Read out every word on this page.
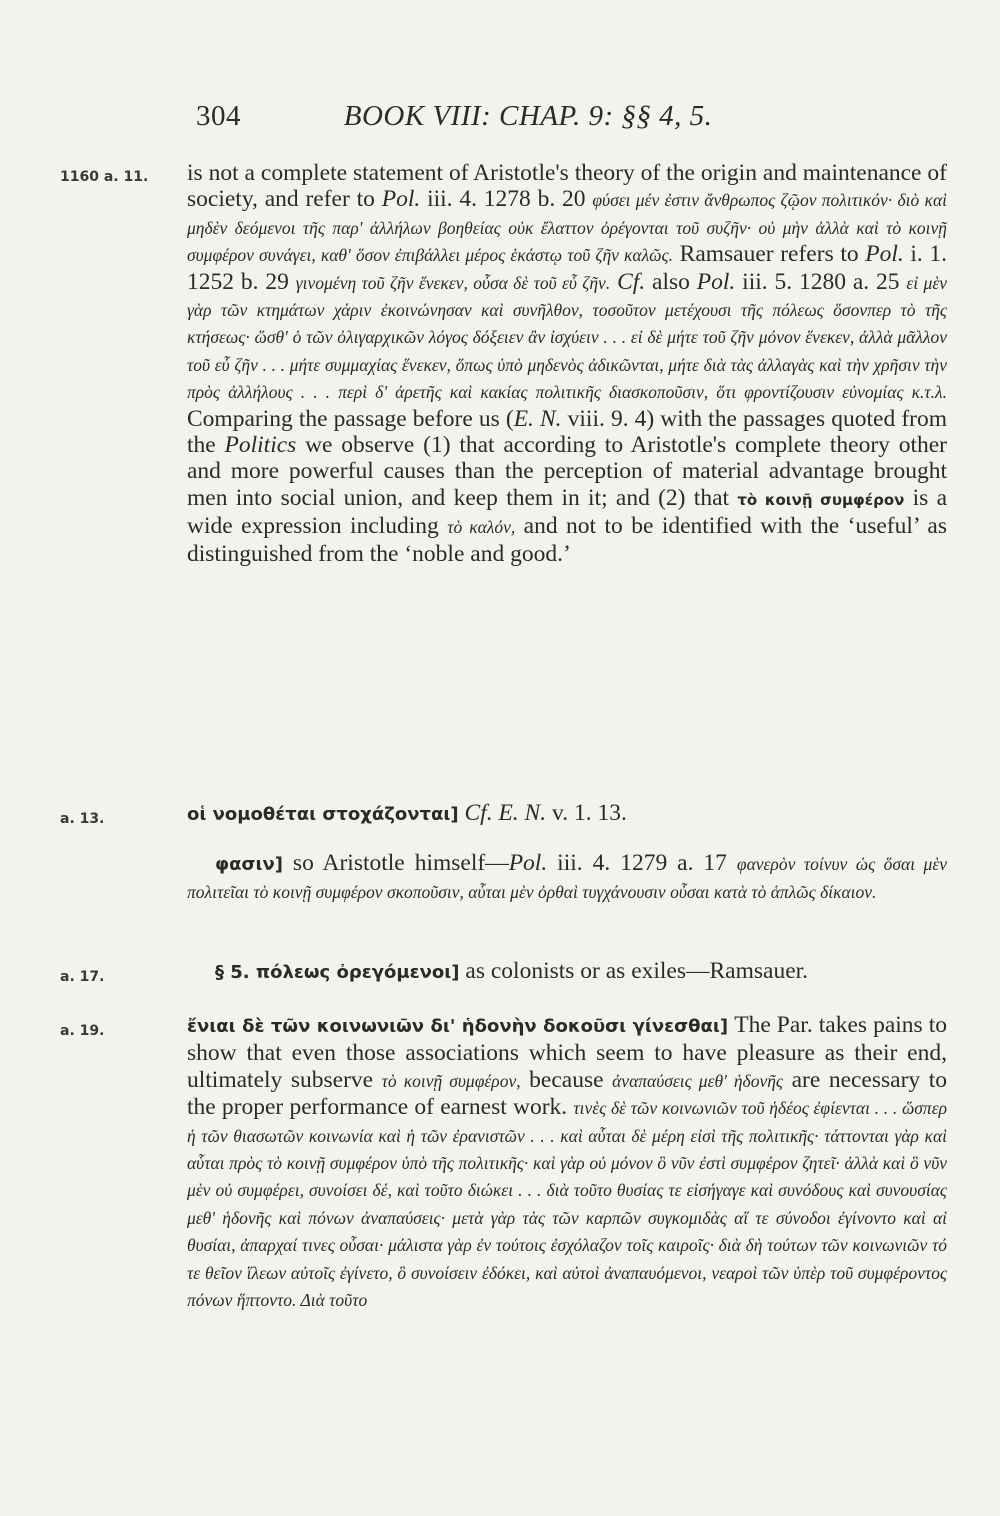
304	BOOK VIII: CHAP. 9: §§ 4, 5.
1160 a. 11. is not a complete statement of Aristotle's theory of the origin and maintenance of society, and refer to Pol. iii. 4. 1278 b. 20 φύσει μέν ἐστιν ἄνθρωπος ζῷον πολιτικόν· διὸ καὶ μηδὲν δεόμενοι τῆς παρ' ἀλλήλων βοηθείας οὐκ ἔλαττον ὀρέγονται τοῦ συζῆν· οὐ μὴν ἀλλὰ καὶ τὸ κοινῇ συμφέρον συνάγει, καθ' ὅσον ἐπιβάλλει μέρος ἑκάστῳ τοῦ ζῆν καλῶς. Ramsauer refers to Pol. i. 1. 1252 b. 29 γινομένη τοῦ ζῆν ἕνεκεν, οὖσα δὲ τοῦ εὖ ζῆν. Cf. also Pol. iii. 5. 1280 a. 25 εἰ μὲν γὰρ τῶν κτημάτων χάριν ἐκοινώνησαν καὶ συνῆλθον, τοσοῦτον μετέχουσι τῆς πόλεως ὅσονπερ τὸ τῆς κτήσεως· ὥσθ' ὁ τῶν ὀλιγαρχικῶν λόγος δόξειεν ἂν ἰσχύειν . . . εἰ δὲ μήτε τοῦ ζῆν μόνον ἕνεκεν, ἀλλὰ μᾶλλον τοῦ εὖ ζῆν . . . μήτε συμμαχίας ἕνεκεν, ὅπως ὑπὸ μηδενὸς ἀδικῶνται, μήτε διὰ τὰς ἀλλαγὰς καὶ τὴν χρῆσιν τὴν πρὸς ἀλλήλους . . . περὶ δ' ἀρετῆς καὶ κακίας πολιτικῆς διασκοποῦσιν, ὅτι φροντίζουσιν εὐνομίας κ.τ.λ. Comparing the passage before us (E. N. viii. 9. 4) with the passages quoted from the Politics we observe (1) that according to Aristotle's complete theory other and more powerful causes than the perception of material advantage brought men into social union, and keep them in it; and (2) that τὸ κοινῇ συμφέρον is a wide expression including τὸ καλόν, and not to be identified with the ‘useful’ as distinguished from the ‘noble and good.’
a. 13.	οἱ νομοθέται στοχάζονται] Cf. E. N. v. 1. 13.
φασιν] so Aristotle himself—Pol. iii. 4. 1279 a. 17 φανερὸν τοίνυν ὡς ὅσαι μὲν πολιτεῖαι τὸ κοινῇ συμφέρον σκοποῦσιν, αὗται μὲν ὀρθαὶ τυγχάνουσιν οὖσαι κατὰ τὸ ἁπλῶς δίκαιον.
a. 17.	§ 5. πόλεως ὀρεγόμενοι] as colonists or as exiles—Ramsauer.
a. 19.	ἔνιαι δὲ τῶν κοινωνιῶν δι' ἡδονὴν δοκοῦσι γίνεσθαι] The Par. takes pains to show that even those associations which seem to have pleasure as their end, ultimately subserve τὸ κοινῇ συμφέρον, because ἀναπαύσεις μεθ' ἡδονῆς are necessary to the proper performance of earnest work. τινὲς δὲ τῶν κοινωνιῶν τοῦ ἡδέος ἐφίενται . . . ὥσπερ ἡ τῶν θιασωτῶν κοινωνία καὶ ἡ τῶν ἐρανιστῶν . . . καὶ αὗται δὲ μέρη εἰσὶ τῆς πολιτικῆς· τάττονται γὰρ καὶ αὗται πρὸς τὸ κοινῇ συμφέρον ὑπὸ τῆς πολιτικῆς· καὶ γὰρ οὐ μόνον ὃ νῦν ἐστὶ συμφέρον ζητεῖ· ἀλλὰ καὶ ὃ νῦν μὲν οὐ συμφέρει, συνοίσει δέ, καὶ τοῦτο διώκει . . . διὰ τοῦτο θυσίας τε εἰσήγαγε καὶ συνόδους καὶ συνουσίας μεθ' ἡδονῆς καὶ πόνων ἀναπαύσεις· μετὰ γὰρ τὰς τῶν καρπῶν συγκομιδὰς αἵ τε σύνοδοι ἐγίνοντο καὶ αἱ θυσίαι, ἀπαρχαί τινες οὖσαι· μάλιστα γὰρ ἐν τούτοις ἐσχόλαζον τοῖς καιροῖς· διὰ δὴ τούτων τῶν κοινωνιῶν τό τε θεῖον ἵλεων αὐτοῖς ἐγίνετο, ὃ συνοίσειν ἐδόκει, καὶ αὐτοὶ ἀναπαυόμενοι, νεαροὶ τῶν ὑπὲρ τοῦ συμφέροντος πόνων ἥπτοντο. Διὰ τοῦτο
